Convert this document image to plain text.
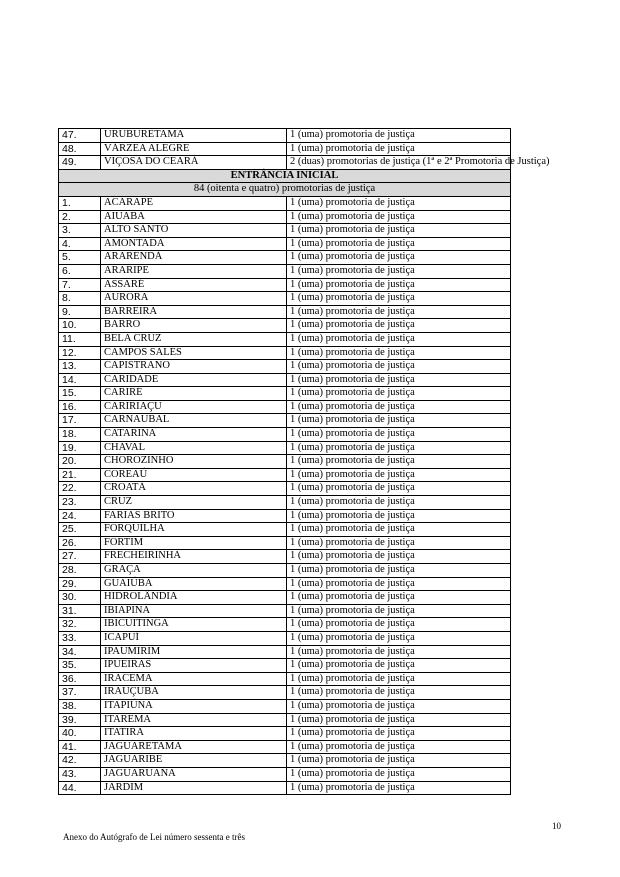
47.	URUBURETAMA	1 (uma) promotoria de justiça
48.	VÁRZEA ALEGRE	1 (uma) promotoria de justiça
49.	VIÇOSA DO CEARÁ	2 (duas) promotorias de justiça (1ª e 2ª Promotoria de Justiça)
ENTRÂNCIA INICIAL		
84 (oitenta e quatro) promotorias de justiça		
1.	ACARAPE	1 (uma) promotoria de justiça
2.	AIUABA	1 (uma) promotoria de justiça
3.	ALTO SANTO	1 (uma) promotoria de justiça
4.	AMONTADA	1 (uma) promotoria de justiça
5.	ARARENDÁ	1 (uma) promotoria de justiça
6.	ARARIPE	1 (uma) promotoria de justiça
7.	ASSARÉ	1 (uma) promotoria de justiça
8.	AURORA	1 (uma) promotoria de justiça
9.	BARREIRA	1 (uma) promotoria de justiça
10.	BARRO	1 (uma) promotoria de justiça
11.	BELA CRUZ	1 (uma) promotoria de justiça
12.	CAMPOS SALES	1 (uma) promotoria de justiça
13.	CAPISTRANO	1 (uma) promotoria de justiça
14.	CARIDADE	1 (uma) promotoria de justiça
15.	CARIRÉ	1 (uma) promotoria de justiça
16.	CARIRIAÇU	1 (uma) promotoria de justiça
17.	CARNAUBAL	1 (uma) promotoria de justiça
18.	CATARINA	1 (uma) promotoria de justiça
19.	CHAVAL	1 (uma) promotoria de justiça
20.	CHOROZINHO	1 (uma) promotoria de justiça
21.	COREAÚ	1 (uma) promotoria de justiça
22.	CROATÁ	1 (uma) promotoria de justiça
23.	CRUZ	1 (uma) promotoria de justiça
24.	FARIAS BRITO	1 (uma) promotoria de justiça
25.	FORQUILHA	1 (uma) promotoria de justiça
26.	FORTIM	1 (uma) promotoria de justiça
27.	FRECHEIRINHA	1 (uma) promotoria de justiça
28.	GRAÇA	1 (uma) promotoria de justiça
29.	GUAIÚBA	1 (uma) promotoria de justiça
30.	HIDROLÂNDIA	1 (uma) promotoria de justiça
31.	IBIAPINA	1 (uma) promotoria de justiça
32.	IBICUITINGA	1 (uma) promotoria de justiça
33.	ICAPUÍ	1 (uma) promotoria de justiça
34.	IPAUMIRIM	1 (uma) promotoria de justiça
35.	IPUEIRAS	1 (uma) promotoria de justiça
36.	IRACEMA	1 (uma) promotoria de justiça
37.	IRAUÇUBA	1 (uma) promotoria de justiça
38.	ITAPIÚNA	1 (uma) promotoria de justiça
39.	ITAREMA	1 (uma) promotoria de justiça
40.	ITATIRA	1 (uma) promotoria de justiça
41.	JAGUARETAMA	1 (uma) promotoria de justiça
42.	JAGUARIBE	1 (uma) promotoria de justiça
43.	JAGUARUANA	1 (uma) promotoria de justiça
44.	JARDIM	1 (uma) promotoria de justiça
10
Anexo do Autógrafo de Lei número sessenta e três
